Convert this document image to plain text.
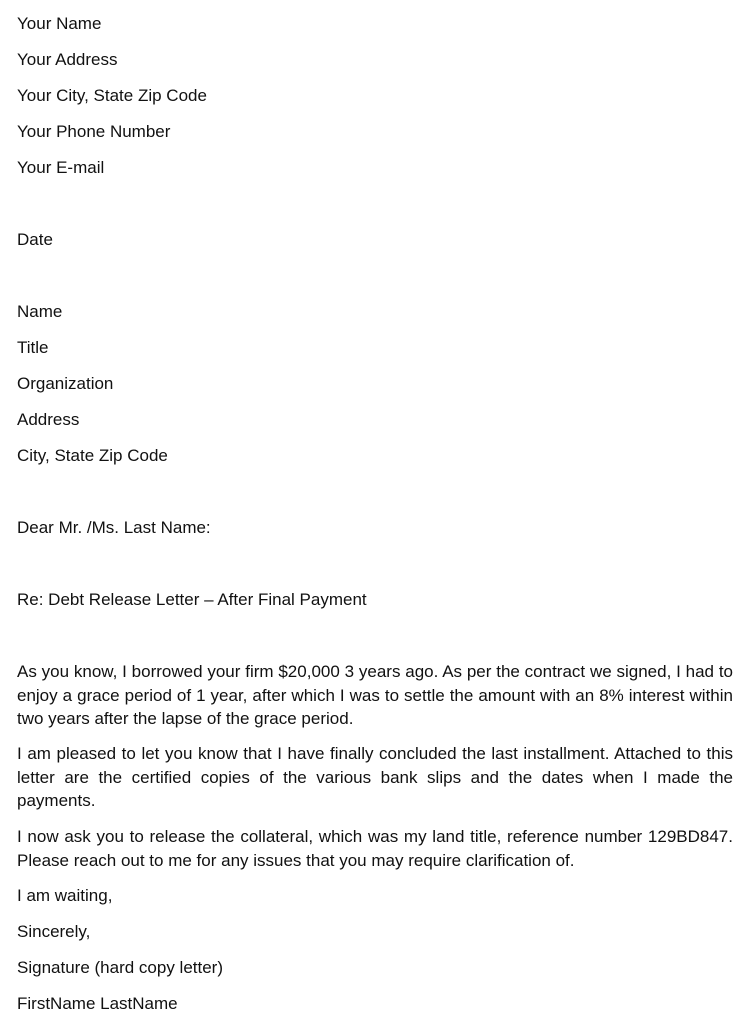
Your Name
Your Address
Your City, State Zip Code
Your Phone Number
Your E-mail
Date
Name
Title
Organization
Address
City, State Zip Code
Dear Mr. /Ms. Last Name:
Re: Debt Release Letter – After Final Payment
As you know, I borrowed your firm $20,000 3 years ago. As per the contract we signed, I had to enjoy a grace period of 1 year, after which I was to settle the amount with an 8% interest within two years after the lapse of the grace period.
I am pleased to let you know that I have finally concluded the last installment. Attached to this letter are the certified copies of the various bank slips and the dates when I made the payments.
I now ask you to release the collateral, which was my land title, reference number 129BD847. Please reach out to me for any issues that you may require clarification of.
I am waiting,
Sincerely,
Signature (hard copy letter)
FirstName LastName
